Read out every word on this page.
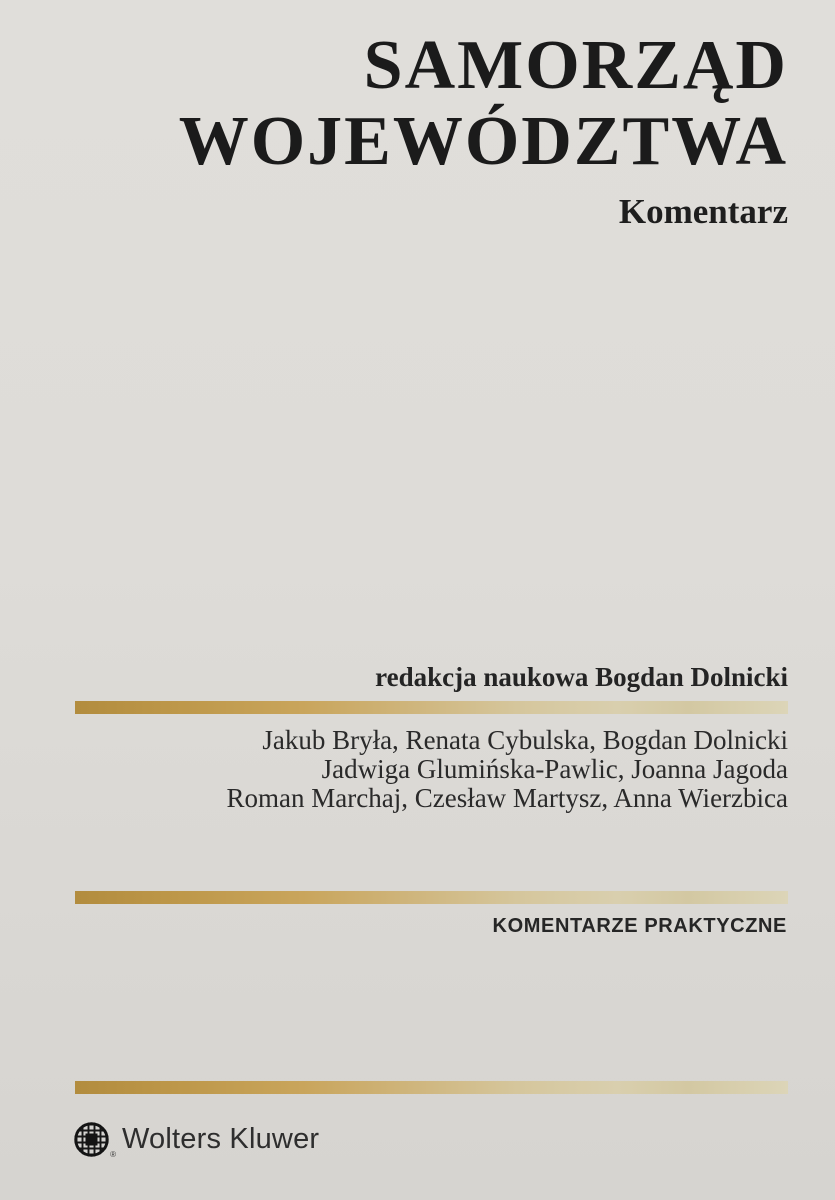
SAMORZĄD
WOJEWÓDZTWA
Komentarz
redakcja naukowa Bogdan Dolnicki
Jakub Bryła, Renata Cybulska, Bogdan Dolnicki
Jadwiga Glumińska-Pawlic, Joanna Jagoda
Roman Marchaj, Czesław Martysz, Anna Wierzbica
KOMENTARZE PRAKTYCZNE
® Wolters Kluwer
